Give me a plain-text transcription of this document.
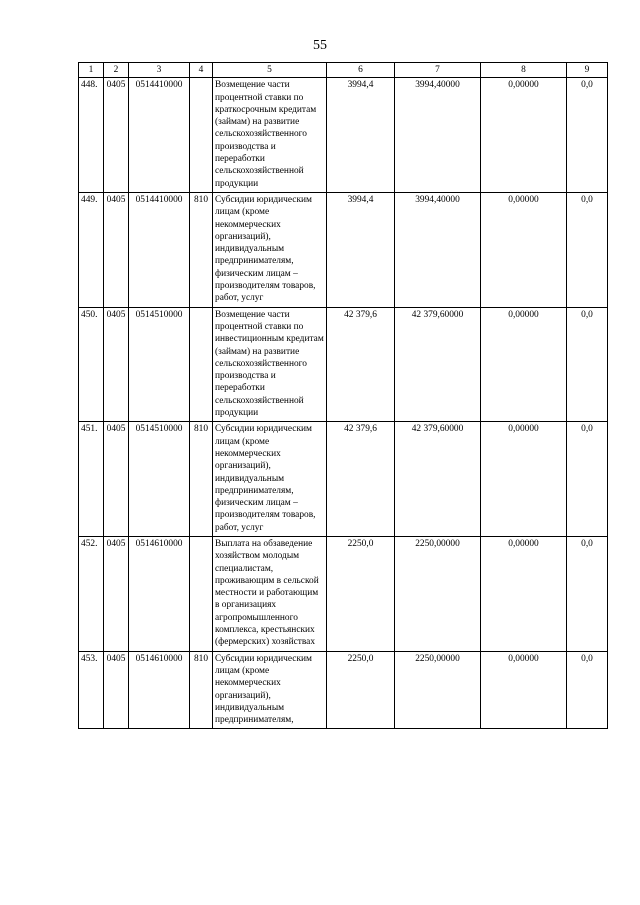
55
1	2	3	4	5	6	7	8	9
448.	0405	0514410000		Возмещение части процентной ставки по краткосрочным кредитам (займам) на развитие сельскохозяйственного производства и переработки сельскохозяйственной продукции	3994,4	3994,40000	0,00000	0,0
449.	0405	0514410000	810	Субсидии юридическим лицам (кроме некоммерческих организаций), индивидуальным предпринимателям, физическим лицам – производителям товаров, работ, услуг	3994,4	3994,40000	0,00000	0,0
450.	0405	0514510000		Возмещение части процентной ставки по инвестиционным кредитам (займам) на развитие сельскохозяйственного производства и переработки сельскохозяйственной продукции	42 379,6	42 379,60000	0,00000	0,0
451.	0405	0514510000	810	Субсидии юридическим лицам (кроме некоммерческих организаций), индивидуальным предпринимателям, физическим лицам – производителям товаров, работ, услуг	42 379,6	42 379,60000	0,00000	0,0
452.	0405	0514610000		Выплата на обзаведение хозяйством молодым специалистам, проживающим в сельской местности и работающим в организациях агропромышленного комплекса, крестьянских (фермерских) хозяйствах	2250,0	2250,00000	0,00000	0,0
453.	0405	0514610000	810	Субсидии юридическим лицам (кроме некоммерческих организаций), индивидуальным предпринимателям,	2250,0	2250,00000	0,00000	0,0
